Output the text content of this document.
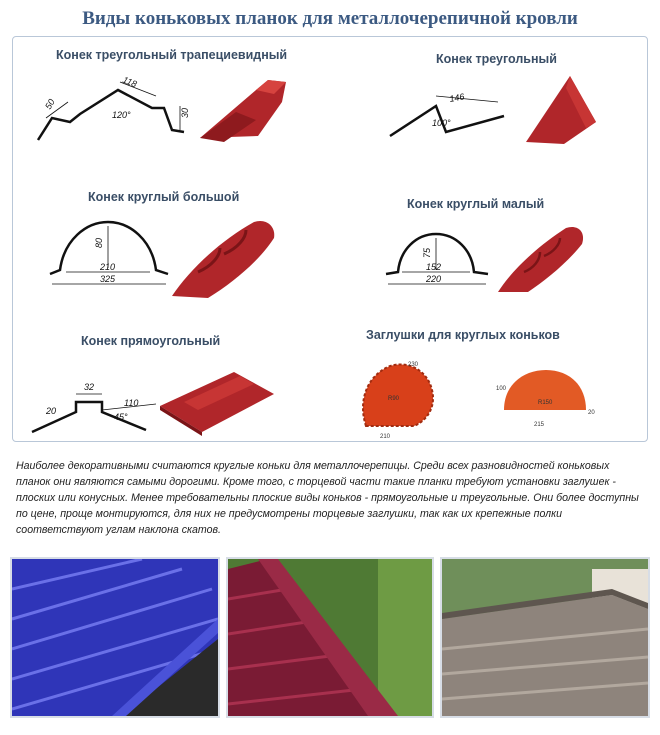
Виды коньковых планок для металлочерепичной кровли
Конек треугольный трапециевидный	Конек треугольный
Конек круглый большой	Конек круглый малый
Конек прямоугольный	Заглушки для круглых коньков
50
118
30
120°
146
100°
80
210
325
75
152
220
32
20
110
45°
R90
230
210
R150
100
20
215
Наиболее декоративными считаются круглые коньки для металлочерепицы. Среди всех разновидностей коньковых планок они являются самыми дорогими. Кроме того, с торцевой части такие планки требуют установки заглушек - плоских или конусных. Менее требовательны плоские виды коньков - прямоугольные и треугольные. Они более доступны по цене, проще монтируются, для них не предусмотрены торцевые заглушки, так как их крепежные полки соответствуют углам наклона скатов.
